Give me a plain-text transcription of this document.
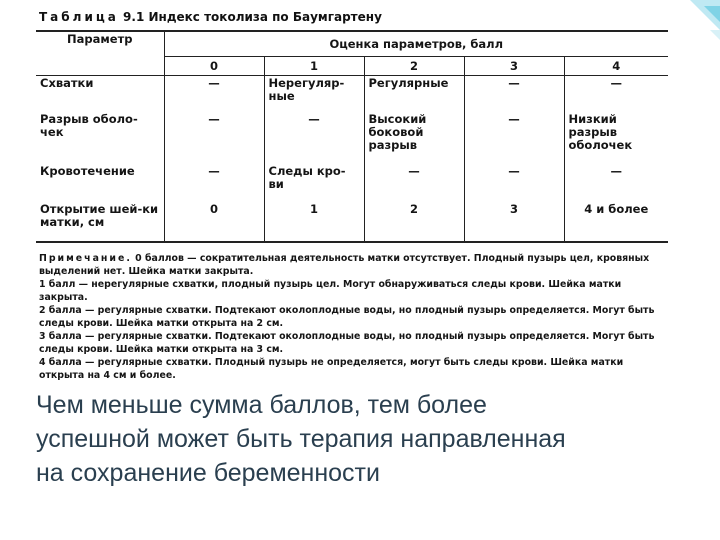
Таблица 9.1 Индекс токолиза по Баумгартену
Параметр	Оценка параметров, балл				
	0	1	2	3	4
Схватки	—	Нерегуляр-ные	Регулярные	—	—
Разрыв оболо-чек	—	—	Высокий боковой разрыв	—	Низкий разрыв оболочек
Кровотечение	—	Следы кро-ви	—	—	—
Открытие шей-ки матки, см	0	1	2	3	4 и более

Примечание. 0 баллов — сократительная деятельность матки отсутствует. Плодный пузырь цел, кровяных выделений нет. Шейка матки закрыта.

1 балл — нерегулярные схватки, плодный пузырь цел. Могут обнаруживаться следы крови. Шейка матки закрыта.

2 балла — регулярные схватки. Подтекают околоплодные воды, но плодный пузырь определяется. Могут быть следы крови. Шейка матки открыта на 2 см.

3 балла — регулярные схватки. Подтекают околоплодные воды, но плодный пузырь определяется. Могут быть следы крови. Шейка матки открыта на 3 см.

4 балла — регулярные схватки. Плодный пузырь не определяется, могут быть следы крови. Шейка матки открыта на 4 см и более.

Чем меньше сумма баллов, тем более
успешной может быть терапия направленная
на сохранение беременности
